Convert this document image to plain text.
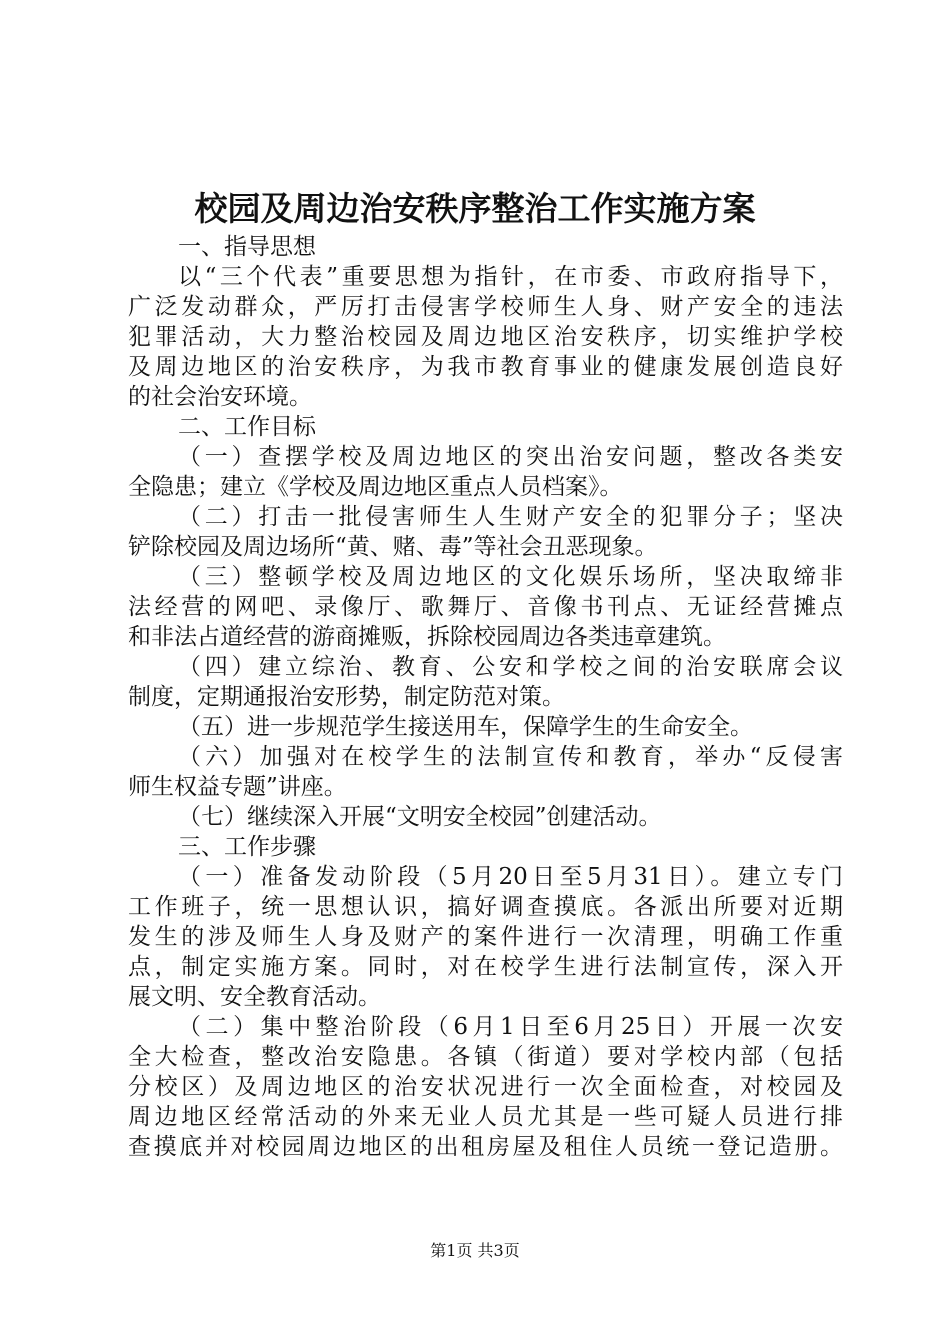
校园及周边治安秩序整治工作实施方案
一、指导思想
以“三个代表”重要思想为指针，在市委、市政府指导下，
广泛发动群众，严厉打击侵害学校师生人身、财产安全的违法
犯罪活动，大力整治校园及周边地区治安秩序，切实维护学校
及周边地区的治安秩序，为我市教育事业的健康发展创造良好
的社会治安环境。
二、工作目标
（一）查摆学校及周边地区的突出治安问题，整改各类安
全隐患；建立《学校及周边地区重点人员档案》。
（二）打击一批侵害师生人生财产安全的犯罪分子；坚决
铲除校园及周边场所“黄、赌、毒”等社会丑恶现象。
（三）整顿学校及周边地区的文化娱乐场所，坚决取缔非
法经营的网吧、录像厅、歌舞厅、音像书刊点、无证经营摊点
和非法占道经营的游商摊贩，拆除校园周边各类违章建筑。
（四）建立综治、教育、公安和学校之间的治安联席会议
制度，定期通报治安形势，制定防范对策。
（五）进一步规范学生接送用车，保障学生的生命安全。
（六）加强对在校学生的法制宣传和教育，举办“反侵害
师生权益专题”讲座。
（七）继续深入开展“文明安全校园”创建活动。
三、工作步骤
（一）准备发动阶段（5月20日至5月31日）。建立专门
工作班子，统一思想认识，搞好调查摸底。各派出所要对近期
发生的涉及师生人身及财产的案件进行一次清理，明确工作重
点，制定实施方案。同时，对在校学生进行法制宣传，深入开
展文明、安全教育活动。
（二）集中整治阶段（6月1日至6月25日）开展一次安
全大检查，整改治安隐患。各镇（街道）要对学校内部（包括
分校区）及周边地区的治安状况进行一次全面检查，对校园及
周边地区经常活动的外来无业人员尤其是一些可疑人员进行排
查摸底并对校园周边地区的出租房屋及租住人员统一登记造册。
第1页 共3页
